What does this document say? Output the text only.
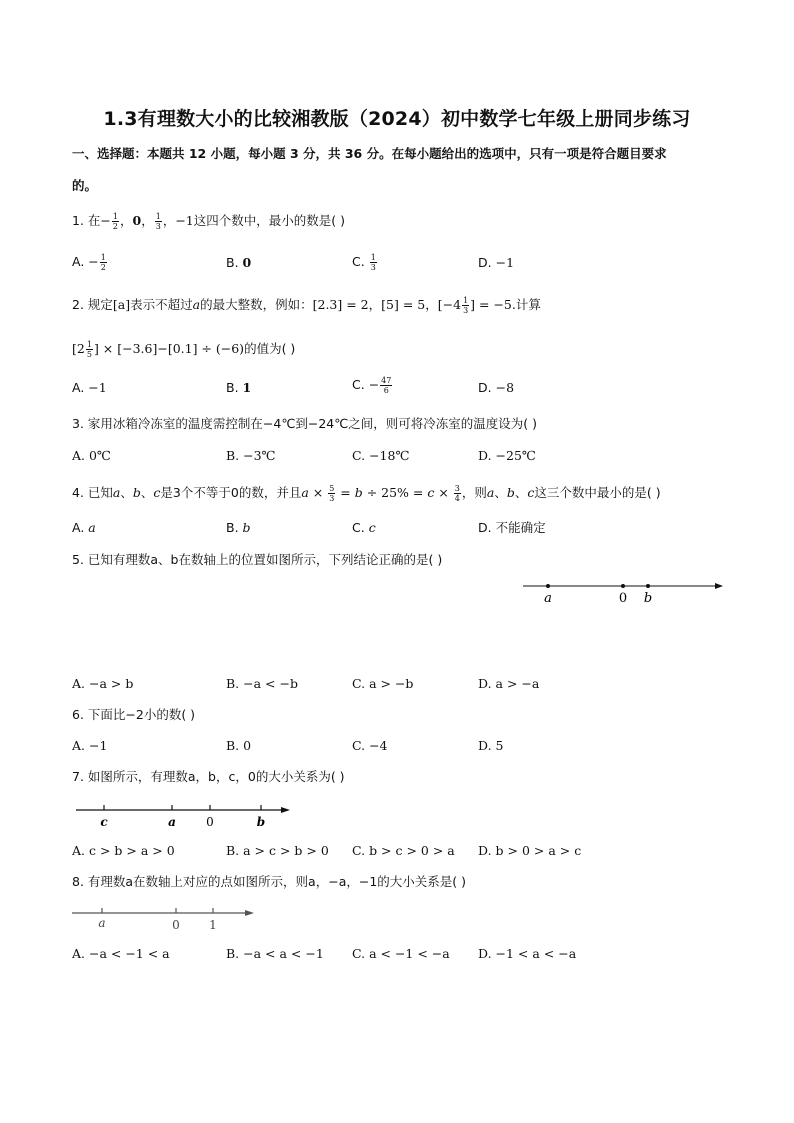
1.3有理数大小的比较湘教版（2024）初中数学七年级上册同步练习
一、选择题：本题共 12 小题，每小题 3 分，共 36 分。在每小题给出的选项中，只有一项是符合题目要求
的。
1. 在− $\frac{1}{2}$ ，0， $\frac{1}{3}$ ，−1这四个数中，最小的数是( )
A. − $\frac{1}{2}$	B. 0	C. $\frac{1}{3}$	D. −1
2. 规定[a]表示不超过a的最大整数，例如：[2.3] = 2，[5] = 5，[$-4 \frac{1}{3}$ ] = −5.计算
[$2 \frac{1}{5}$ ] × [−3.6]−[0.1] ÷ (−6)的值为( )
A. −1	B. 1	C. − $\frac{47}{6}$	D. −8
3. 家用冰箱冷冻室的温度需控制在−4℃到−24℃之间，则可将冷冻室的温度设为( )
A. 0℃	B. −3℃	C. −18℃	D. −25℃
4. 已知a、b、c是3个不等于0的数，并且$a \times \frac{5}{3} = b \div 25\% = c \times \frac{3}{4}$ ，则a、b、c这三个数中最小的是( )
A. a	B. b	C. c	D. 不能确定
5. 已知有理数a、b在数轴上的位置如图所示，下列结论正确的是( )
a	0 b
A. −a > b	B. −a < −b	C. a > −b	D. a > −a
6. 下面比−2小的数( )
A. −1	B. 0	C. −4	D. 5
7. 如图所示，有理数a，b，c，0的大小关系为( )
c	a	0	b
A. c > b > a > 0	B. a > c > b > 0 C. b > c > 0 > a D. b > 0 > a > c
8. 有理数a在数轴上对应的点如图所示，则a，−a，−1的大小关系是( )
a	0 1
A. −a < −1 < a	B. −a < a < −1 C. a < −1 < −a D. −1 < a < −a
